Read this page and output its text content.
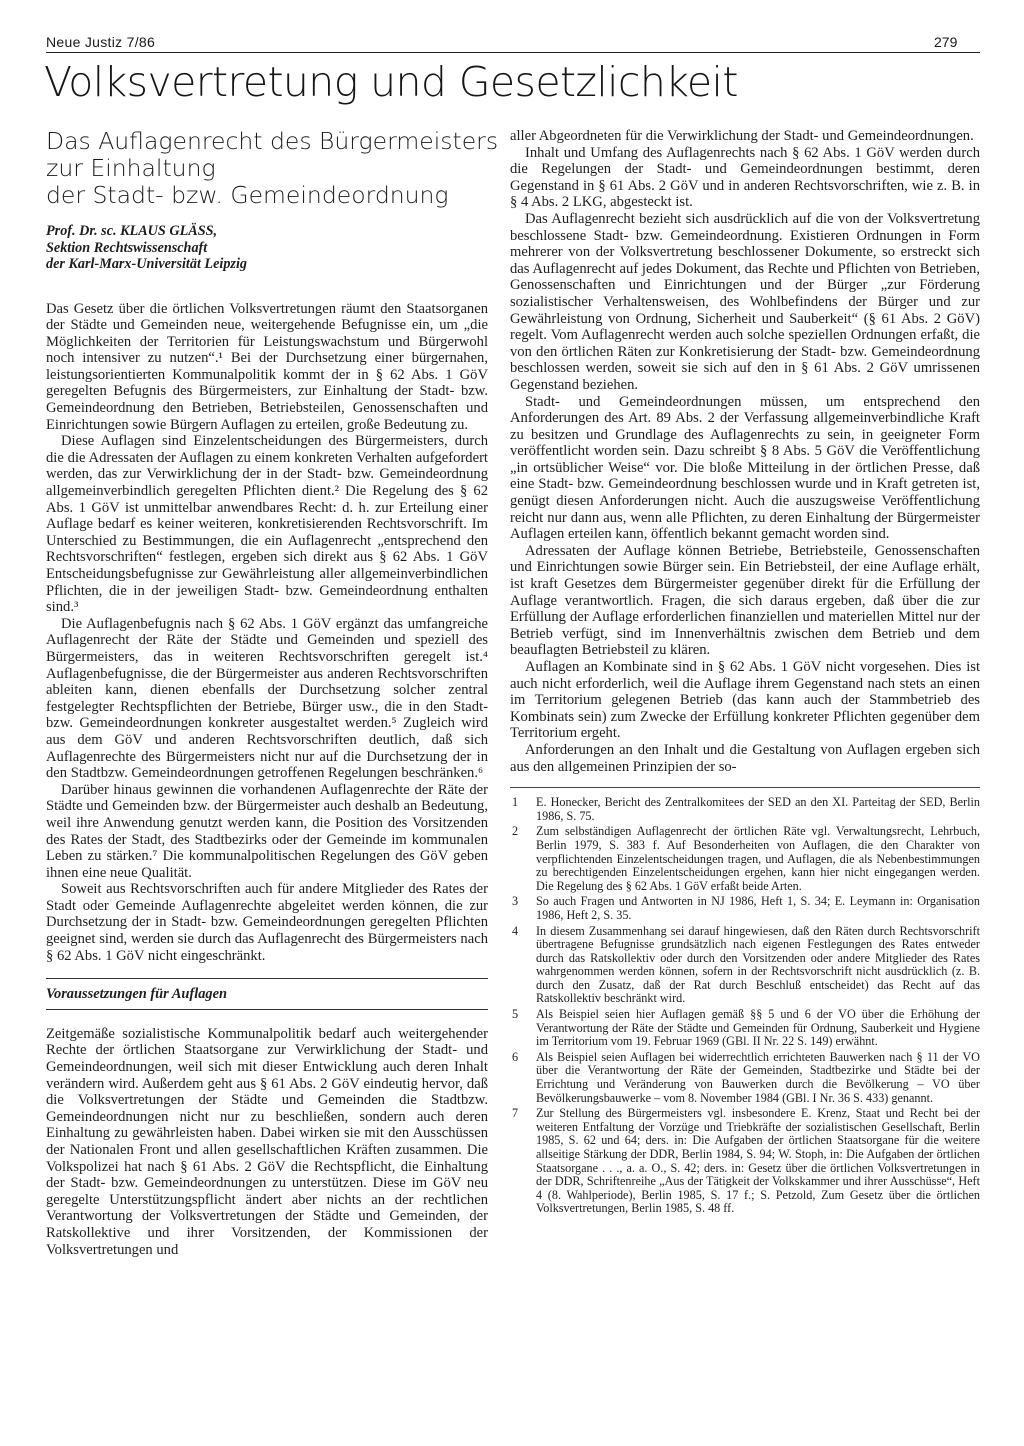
Neue Justiz 7/86	279
Volksvertretung und Gesetzlichkeit
Das Auflagenrecht des Bürgermeisters
zur Einhaltung
der Stadt- bzw. Gemeindeordnung
Prof. Dr. sc. KLAUS GLÄSS,
Sektion Rechtswissenschaft
der Karl-Marx-Universität Leipzig

Das Gesetz über die örtlichen Volksvertretungen räumt den Staatsorganen der Städte und Gemeinden neue, weitergehende Befugnisse ein, um „die Möglichkeiten der Territorien für Leistungswachstum und Bürgerwohl noch intensiver zu nutzen“.¹ Bei der Durchsetzung einer bürgernahen, leistungsorientierten Kommunalpolitik kommt der in § 62 Abs. 1 GöV geregelten Befugnis des Bürgermeisters, zur Einhaltung der Stadt- bzw. Gemeindeordnung den Betrieben, Betriebsteilen, Genossenschaften und Einrichtungen sowie Bürgern Auflagen zu erteilen, große Bedeutung zu.

Diese Auflagen sind Einzelentscheidungen des Bürgermeisters, durch die die Adressaten der Auflagen zu einem konkreten Verhalten aufgefordert werden, das zur Verwirklichung der in der Stadt- bzw. Gemeindeordnung allgemeinverbindlich geregelten Pflichten dient.² Die Regelung des § 62 Abs. 1 GöV ist unmittelbar anwendbares Recht: d. h. zur Erteilung einer Auflage bedarf es keiner weiteren, konkretisierenden Rechtsvorschrift. Im Unterschied zu Bestimmungen, die ein Auflagenrecht „entsprechend den Rechtsvorschriften“ festlegen, ergeben sich direkt aus § 62 Abs. 1 GöV Entscheidungsbefugnisse zur Gewährleistung aller allgemeinverbindlichen Pflichten, die in der jeweiligen Stadt- bzw. Gemeindeordnung enthalten sind.³

Die Auflagenbefugnis nach § 62 Abs. 1 GöV ergänzt das umfangreiche Auflagenrecht der Räte der Städte und Gemeinden und speziell des Bürgermeisters, das in weiteren Rechtsvorschriften geregelt ist.⁴ Auflagenbefugnisse, die der Bürgermeister aus anderen Rechtsvorschriften ableiten kann, dienen ebenfalls der Durchsetzung solcher zentral festgelegter Rechtspflichten der Betriebe, Bürger usw., die in den Stadt- bzw. Gemeindeordnungen konkreter ausgestaltet werden.⁵ Zugleich wird aus dem GöV und anderen Rechtsvorschriften deutlich, daß sich Auflagenrechte des Bürgermeisters nicht nur auf die Durchsetzung der in den Stadtbzw. Gemeindeordnungen getroffenen Regelungen beschränken.⁶

Darüber hinaus gewinnen die vorhandenen Auflagenrechte der Räte der Städte und Gemeinden bzw. der Bürgermeister auch deshalb an Bedeutung, weil ihre Anwendung genutzt werden kann, die Position des Vorsitzenden des Rates der Stadt, des Stadtbezirks oder der Gemeinde im kommunalen Leben zu stärken.⁷ Die kommunalpolitischen Regelungen des GöV geben ihnen eine neue Qualität.

Soweit aus Rechtsvorschriften auch für andere Mitglieder des Rates der Stadt oder Gemeinde Auflagenrechte abgeleitet werden können, die zur Durchsetzung der in Stadt- bzw. Gemeindeordnungen geregelten Pflichten geeignet sind, werden sie durch das Auflagenrecht des Bürgermeisters nach § 62 Abs. 1 GöV nicht eingeschränkt.

Voraussetzungen für Auflagen

Zeitgemäße sozialistische Kommunalpolitik bedarf auch weitergehender Rechte der örtlichen Staatsorgane zur Verwirklichung der Stadt- und Gemeindeordnungen, weil sich mit dieser Entwicklung auch deren Inhalt verändern wird. Außerdem geht aus § 61 Abs. 2 GöV eindeutig hervor, daß die Volksvertretungen der Städte und Gemeinden die Stadtbzw. Gemeindeordnungen nicht nur zu beschließen, sondern auch deren Einhaltung zu gewährleisten haben. Dabei wirken sie mit den Ausschüssen der Nationalen Front und allen gesellschaftlichen Kräften zusammen. Die Volkspolizei hat nach § 61 Abs. 2 GöV die Rechtspflicht, die Einhaltung der Stadt- bzw. Gemeindeordnungen zu unterstützen. Diese im GöV neu geregelte Unterstützungspflicht ändert aber nichts an der rechtlichen Verantwortung der Volksvertretungen der Städte und Gemeinden, der Ratskollektive und ihrer Vorsitzenden, der Kommissionen der Volksvertretungen und

aller Abgeordneten für die Verwirklichung der Stadt- und Gemeindeordnungen.

Inhalt und Umfang des Auflagenrechts nach § 62 Abs. 1 GöV werden durch die Regelungen der Stadt- und Gemeindeordnungen bestimmt, deren Gegenstand in § 61 Abs. 2 GöV und in anderen Rechtsvorschriften, wie z. B. in § 4 Abs. 2 LKG, abgesteckt ist.

Das Auflagenrecht bezieht sich ausdrücklich auf die von der Volksvertretung beschlossene Stadt- bzw. Gemeindeordnung. Existieren Ordnungen in Form mehrerer von der Volksvertretung beschlossener Dokumente, so erstreckt sich das Auflagenrecht auf jedes Dokument, das Rechte und Pflichten von Betrieben, Genossenschaften und Einrichtungen und der Bürger „zur Förderung sozialistischer Verhaltensweisen, des Wohlbefindens der Bürger und zur Gewährleistung von Ordnung, Sicherheit und Sauberkeit“ (§ 61 Abs. 2 GöV) regelt. Vom Auflagenrecht werden auch solche speziellen Ordnungen erfaßt, die von den örtlichen Räten zur Konkretisierung der Stadt- bzw. Gemeindeordnung beschlossen werden, soweit sie sich auf den in § 61 Abs. 2 GöV umrissenen Gegenstand beziehen.

Stadt- und Gemeindeordnungen müssen, um entsprechend den Anforderungen des Art. 89 Abs. 2 der Verfassung allgemeinverbindliche Kraft zu besitzen und Grundlage des Auflagenrechts zu sein, in geeigneter Form veröffentlicht worden sein. Dazu schreibt § 8 Abs. 5 GöV die Veröffentlichung „in ortsüblicher Weise“ vor. Die bloße Mitteilung in der örtlichen Presse, daß eine Stadt- bzw. Gemeindeordnung beschlossen wurde und in Kraft getreten ist, genügt diesen Anforderungen nicht. Auch die auszugsweise Veröffentlichung reicht nur dann aus, wenn alle Pflichten, zu deren Einhaltung der Bürgermeister Auflagen erteilen kann, öffentlich bekannt gemacht worden sind.

Adressaten der Auflage können Betriebe, Betriebsteile, Genossenschaften und Einrichtungen sowie Bürger sein. Ein Betriebsteil, der eine Auflage erhält, ist kraft Gesetzes dem Bürgermeister gegenüber direkt für die Erfüllung der Auflage verantwortlich. Fragen, die sich daraus ergeben, daß über die zur Erfüllung der Auflage erforderlichen finanziellen und materiellen Mittel nur der Betrieb verfügt, sind im Innenverhältnis zwischen dem Betrieb und dem beauflagten Betriebsteil zu klären.

Auflagen an Kombinate sind in § 62 Abs. 1 GöV nicht vorgesehen. Dies ist auch nicht erforderlich, weil die Auflage ihrem Gegenstand nach stets an einen im Territorium gelegenen Betrieb (das kann auch der Stammbetrieb des Kombinats sein) zum Zwecke der Erfüllung konkreter Pflichten gegenüber dem Territorium ergeht.

Anforderungen an den Inhalt und die Gestaltung von Auflagen ergeben sich aus den allgemeinen Prinzipien der so-

1	E. Honecker, Bericht des Zentralkomitees der SED an den XI. Parteitag der SED, Berlin 1986, S. 75.
2	Zum selbständigen Auflagenrecht der örtlichen Räte vgl. Verwaltungsrecht, Lehrbuch, Berlin 1979, S. 383 f. Auf Besonderheiten von Auflagen, die den Charakter von verpflichtenden Einzelentscheidungen tragen, und Auflagen, die als Nebenbestimmungen zu berechtigenden Einzelentscheidungen ergehen, kann hier nicht eingegangen werden. Die Regelung des § 62 Abs. 1 GöV erfaßt beide Arten.
3	So auch Fragen und Antworten in NJ 1986, Heft 1, S. 34; E. Leymann in: Organisation 1986, Heft 2, S. 35.
4	In diesem Zusammenhang sei darauf hingewiesen, daß den Räten durch Rechtsvorschrift übertragene Befugnisse grundsätzlich nach eigenen Festlegungen des Rates entweder durch das Ratskollektiv oder durch den Vorsitzenden oder andere Mitglieder des Rates wahrgenommen werden können, sofern in der Rechtsvorschrift nicht ausdrücklich (z. B. durch den Zusatz, daß der Rat durch Beschluß entscheidet) das Recht auf das Ratskollektiv beschränkt wird.
5	Als Beispiel seien hier Auflagen gemäß §§ 5 und 6 der VO über die Erhöhung der Verantwortung der Räte der Städte und Gemeinden für Ordnung, Sauberkeit und Hygiene im Territorium vom 19. Februar 1969 (GBl. II Nr. 22 S. 149) erwähnt.
6	Als Beispiel seien Auflagen bei widerrechtlich errichteten Bauwerken nach § 11 der VO über die Verantwortung der Räte der Gemeinden, Stadtbezirke und Städte bei der Errichtung und Veränderung von Bauwerken durch die Bevölkerung – VO über Bevölkerungsbauwerke – vom 8. November 1984 (GBl. I Nr. 36 S. 433) genannt.
7	Zur Stellung des Bürgermeisters vgl. insbesondere E. Krenz, Staat und Recht bei der weiteren Entfaltung der Vorzüge und Triebkräfte der sozialistischen Gesellschaft, Berlin 1985, S. 62 und 64; ders. in: Die Aufgaben der örtlichen Staatsorgane für die weitere allseitige Stärkung der DDR, Berlin 1984, S. 94; W. Stoph, in: Die Aufgaben der örtlichen Staatsorgane . . ., a. a. O., S. 42; ders. in: Gesetz über die örtlichen Volksvertretungen in der DDR, Schriftenreihe „Aus der Tätigkeit der Volkskammer und ihrer Ausschüsse“, Heft 4 (8. Wahlperiode), Berlin 1985, S. 17 f.; S. Petzold, Zum Gesetz über die örtlichen Volksvertretungen, Berlin 1985, S. 48 ff.
